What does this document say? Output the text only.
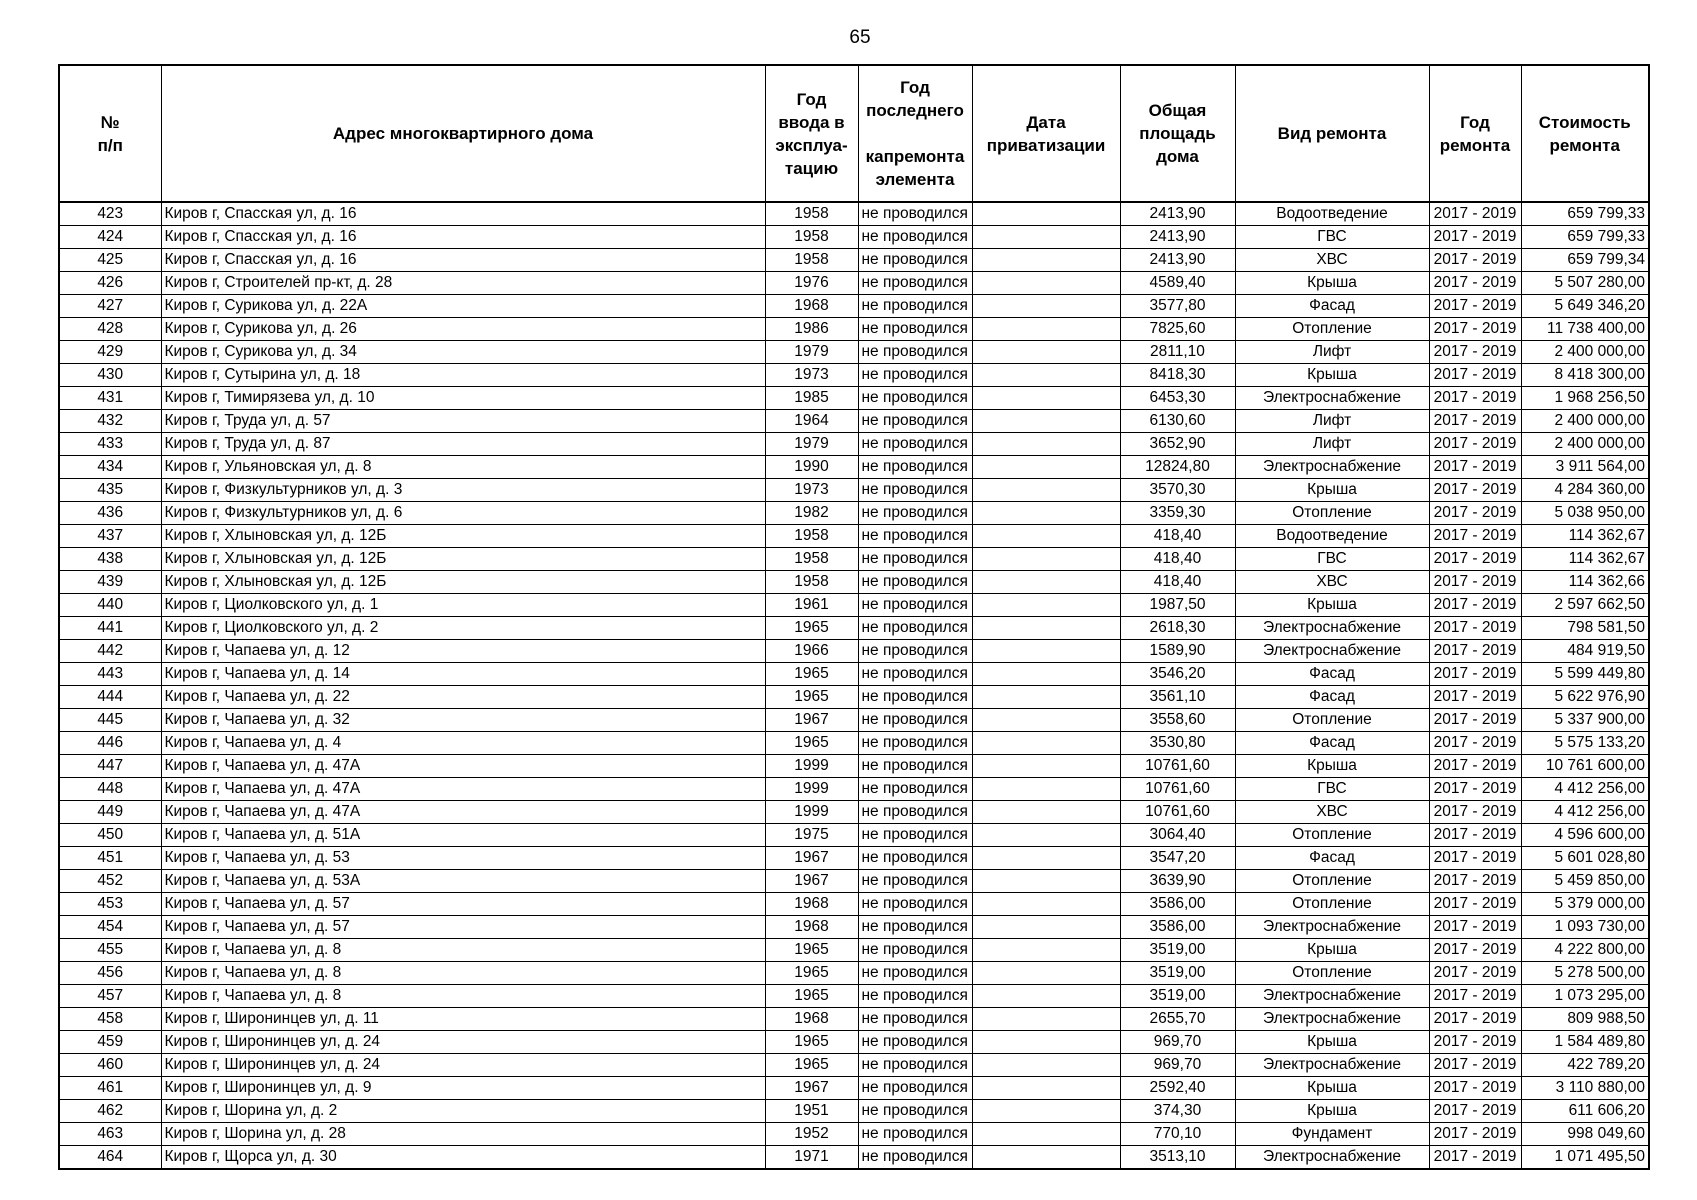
65
№
п/п	Адрес многоквартирного дома	Год
ввода в
эксплуа-
тацию	Год
последнего

капремонта
элемента	Дата
приватизации	Общая
площадь
дома	Вид ремонта	Год
ремонта	Стоимость
ремонта
423	Киров г, Спасская ул, д. 16	1958	не проводился		2413,90	Водоотведение	2017 - 2019	659 799,33
424	Киров г, Спасская ул, д. 16	1958	не проводился		2413,90	ГВС	2017 - 2019	659 799,33
425	Киров г, Спасская ул, д. 16	1958	не проводился		2413,90	ХВС	2017 - 2019	659 799,34
426	Киров г, Строителей пр-кт, д. 28	1976	не проводился		4589,40	Крыша	2017 - 2019	5 507 280,00
427	Киров г, Сурикова ул, д. 22А	1968	не проводился		3577,80	Фасад	2017 - 2019	5 649 346,20
428	Киров г, Сурикова ул, д. 26	1986	не проводился		7825,60	Отопление	2017 - 2019	11 738 400,00
429	Киров г, Сурикова ул, д. 34	1979	не проводился		2811,10	Лифт	2017 - 2019	2 400 000,00
430	Киров г, Сутырина ул, д. 18	1973	не проводился		8418,30	Крыша	2017 - 2019	8 418 300,00
431	Киров г, Тимирязева ул, д. 10	1985	не проводился		6453,30	Электроснабжение	2017 - 2019	1 968 256,50
432	Киров г, Труда ул, д. 57	1964	не проводился		6130,60	Лифт	2017 - 2019	2 400 000,00
433	Киров г, Труда ул, д. 87	1979	не проводился		3652,90	Лифт	2017 - 2019	2 400 000,00
434	Киров г, Ульяновская ул, д. 8	1990	не проводился		12824,80	Электроснабжение	2017 - 2019	3 911 564,00
435	Киров г, Физкультурников ул, д. 3	1973	не проводился		3570,30	Крыша	2017 - 2019	4 284 360,00
436	Киров г, Физкультурников ул, д. 6	1982	не проводился		3359,30	Отопление	2017 - 2019	5 038 950,00
437	Киров г, Хлыновская ул, д. 12Б	1958	не проводился		418,40	Водоотведение	2017 - 2019	114 362,67
438	Киров г, Хлыновская ул, д. 12Б	1958	не проводился		418,40	ГВС	2017 - 2019	114 362,67
439	Киров г, Хлыновская ул, д. 12Б	1958	не проводился		418,40	ХВС	2017 - 2019	114 362,66
440	Киров г, Циолковского ул, д. 1	1961	не проводился		1987,50	Крыша	2017 - 2019	2 597 662,50
441	Киров г, Циолковского ул, д. 2	1965	не проводился		2618,30	Электроснабжение	2017 - 2019	798 581,50
442	Киров г, Чапаева ул, д. 12	1966	не проводился		1589,90	Электроснабжение	2017 - 2019	484 919,50
443	Киров г, Чапаева ул, д. 14	1965	не проводился		3546,20	Фасад	2017 - 2019	5 599 449,80
444	Киров г, Чапаева ул, д. 22	1965	не проводился		3561,10	Фасад	2017 - 2019	5 622 976,90
445	Киров г, Чапаева ул, д. 32	1967	не проводился		3558,60	Отопление	2017 - 2019	5 337 900,00
446	Киров г, Чапаева ул, д. 4	1965	не проводился		3530,80	Фасад	2017 - 2019	5 575 133,20
447	Киров г, Чапаева ул, д. 47А	1999	не проводился		10761,60	Крыша	2017 - 2019	10 761 600,00
448	Киров г, Чапаева ул, д. 47А	1999	не проводился		10761,60	ГВС	2017 - 2019	4 412 256,00
449	Киров г, Чапаева ул, д. 47А	1999	не проводился		10761,60	ХВС	2017 - 2019	4 412 256,00
450	Киров г, Чапаева ул, д. 51А	1975	не проводился		3064,40	Отопление	2017 - 2019	4 596 600,00
451	Киров г, Чапаева ул, д. 53	1967	не проводился		3547,20	Фасад	2017 - 2019	5 601 028,80
452	Киров г, Чапаева ул, д. 53А	1967	не проводился		3639,90	Отопление	2017 - 2019	5 459 850,00
453	Киров г, Чапаева ул, д. 57	1968	не проводился		3586,00	Отопление	2017 - 2019	5 379 000,00
454	Киров г, Чапаева ул, д. 57	1968	не проводился		3586,00	Электроснабжение	2017 - 2019	1 093 730,00
455	Киров г, Чапаева ул, д. 8	1965	не проводился		3519,00	Крыша	2017 - 2019	4 222 800,00
456	Киров г, Чапаева ул, д. 8	1965	не проводился		3519,00	Отопление	2017 - 2019	5 278 500,00
457	Киров г, Чапаева ул, д. 8	1965	не проводился		3519,00	Электроснабжение	2017 - 2019	1 073 295,00
458	Киров г, Широнинцев ул, д. 11	1968	не проводился		2655,70	Электроснабжение	2017 - 2019	809 988,50
459	Киров г, Широнинцев ул, д. 24	1965	не проводился		969,70	Крыша	2017 - 2019	1 584 489,80
460	Киров г, Широнинцев ул, д. 24	1965	не проводился		969,70	Электроснабжение	2017 - 2019	422 789,20
461	Киров г, Широнинцев ул, д. 9	1967	не проводился		2592,40	Крыша	2017 - 2019	3 110 880,00
462	Киров г, Шорина ул, д. 2	1951	не проводился		374,30	Крыша	2017 - 2019	611 606,20
463	Киров г, Шорина ул, д. 28	1952	не проводился		770,10	Фундамент	2017 - 2019	998 049,60
464	Киров г, Щорса ул, д. 30	1971	не проводился		3513,10	Электроснабжение	2017 - 2019	1 071 495,50
